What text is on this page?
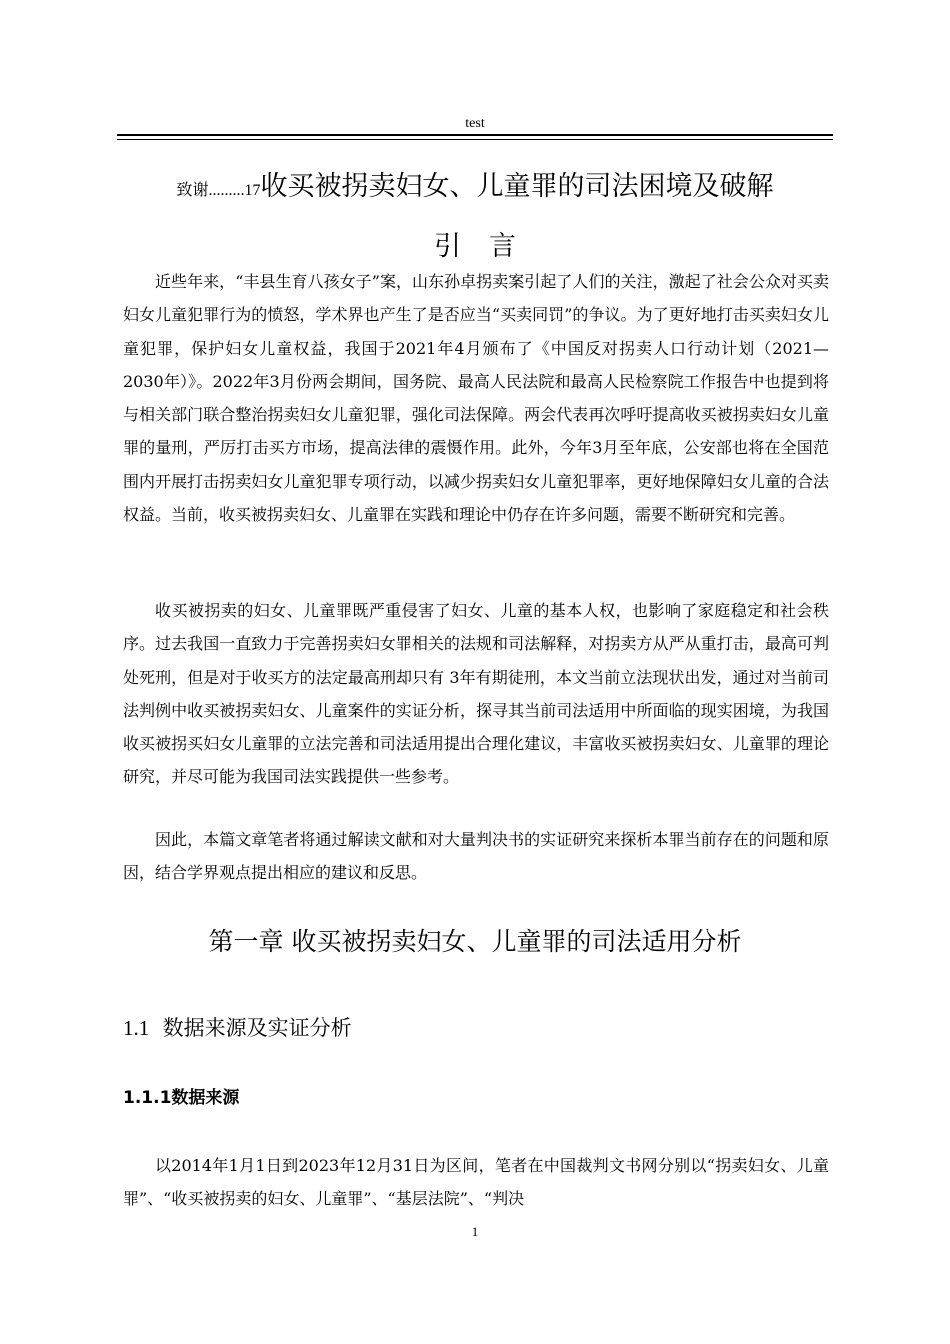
test
致谢.........17收买被拐卖妇女、儿童罪的司法困境及破解
引言

近些年来，“丰县生育八孩女子”案，山东孙卓拐卖案引起了人们的关注，激起了社会公众对买卖妇女儿童犯罪行为的愤怒，学术界也产生了是否应当“买卖同罚”的争议。为了更好地打击买卖妇女儿童犯罪，保护妇女儿童权益，我国于2021年4月颁布了《中国反对拐卖人口行动计划（2021—2030年）》。2022年3月份两会期间，国务院、最高人民法院和最高人民检察院工作报告中也提到将与相关部门联合整治拐卖妇女儿童犯罪，强化司法保障。两会代表再次呼吁提高收买被拐卖妇女儿童罪的量刑，严厉打击买方市场，提高法律的震慑作用。此外，今年3月至年底，公安部也将在全国范围内开展打击拐卖妇女儿童犯罪专项行动，以减少拐卖妇女儿童犯罪率，更好地保障妇女儿童的合法权益。当前，收买被拐卖妇女、儿童罪在实践和理论中仍存在许多问题，需要不断研究和完善。

收买被拐卖的妇女、儿童罪既严重侵害了妇女、儿童的基本人权，也影响了家庭稳定和社会秩序。过去我国一直致力于完善拐卖妇女罪相关的法规和司法解释，对拐卖方从严从重打击，最高可判处死刑，但是对于收买方的法定最高刑却只有 3年有期徒刑，本文当前立法现状出发，通过对当前司法判例中收买被拐卖妇女、儿童案件的实证分析，探寻其当前司法适用中所面临的现实困境，为我国收买被拐买妇女儿童罪的立法完善和司法适用提出合理化建议，丰富收买被拐卖妇女、儿童罪的理论研究，并尽可能为我国司法实践提供一些参考。

因此，本篇文章笔者将通过解读文献和对大量判决书的实证研究来探析本罪当前存在的问题和原因，结合学界观点提出相应的建议和反思。

第一章 收买被拐卖妇女、儿童罪的司法适用分析
1.1 数据来源及实证分析
1.1.1数据来源

以2014年1月1日到2023年12月31日为区间，笔者在中国裁判文书网分别以“拐卖妇女、儿童罪”、“收买被拐卖的妇女、儿童罪”、“基层法院”、“判决

1
